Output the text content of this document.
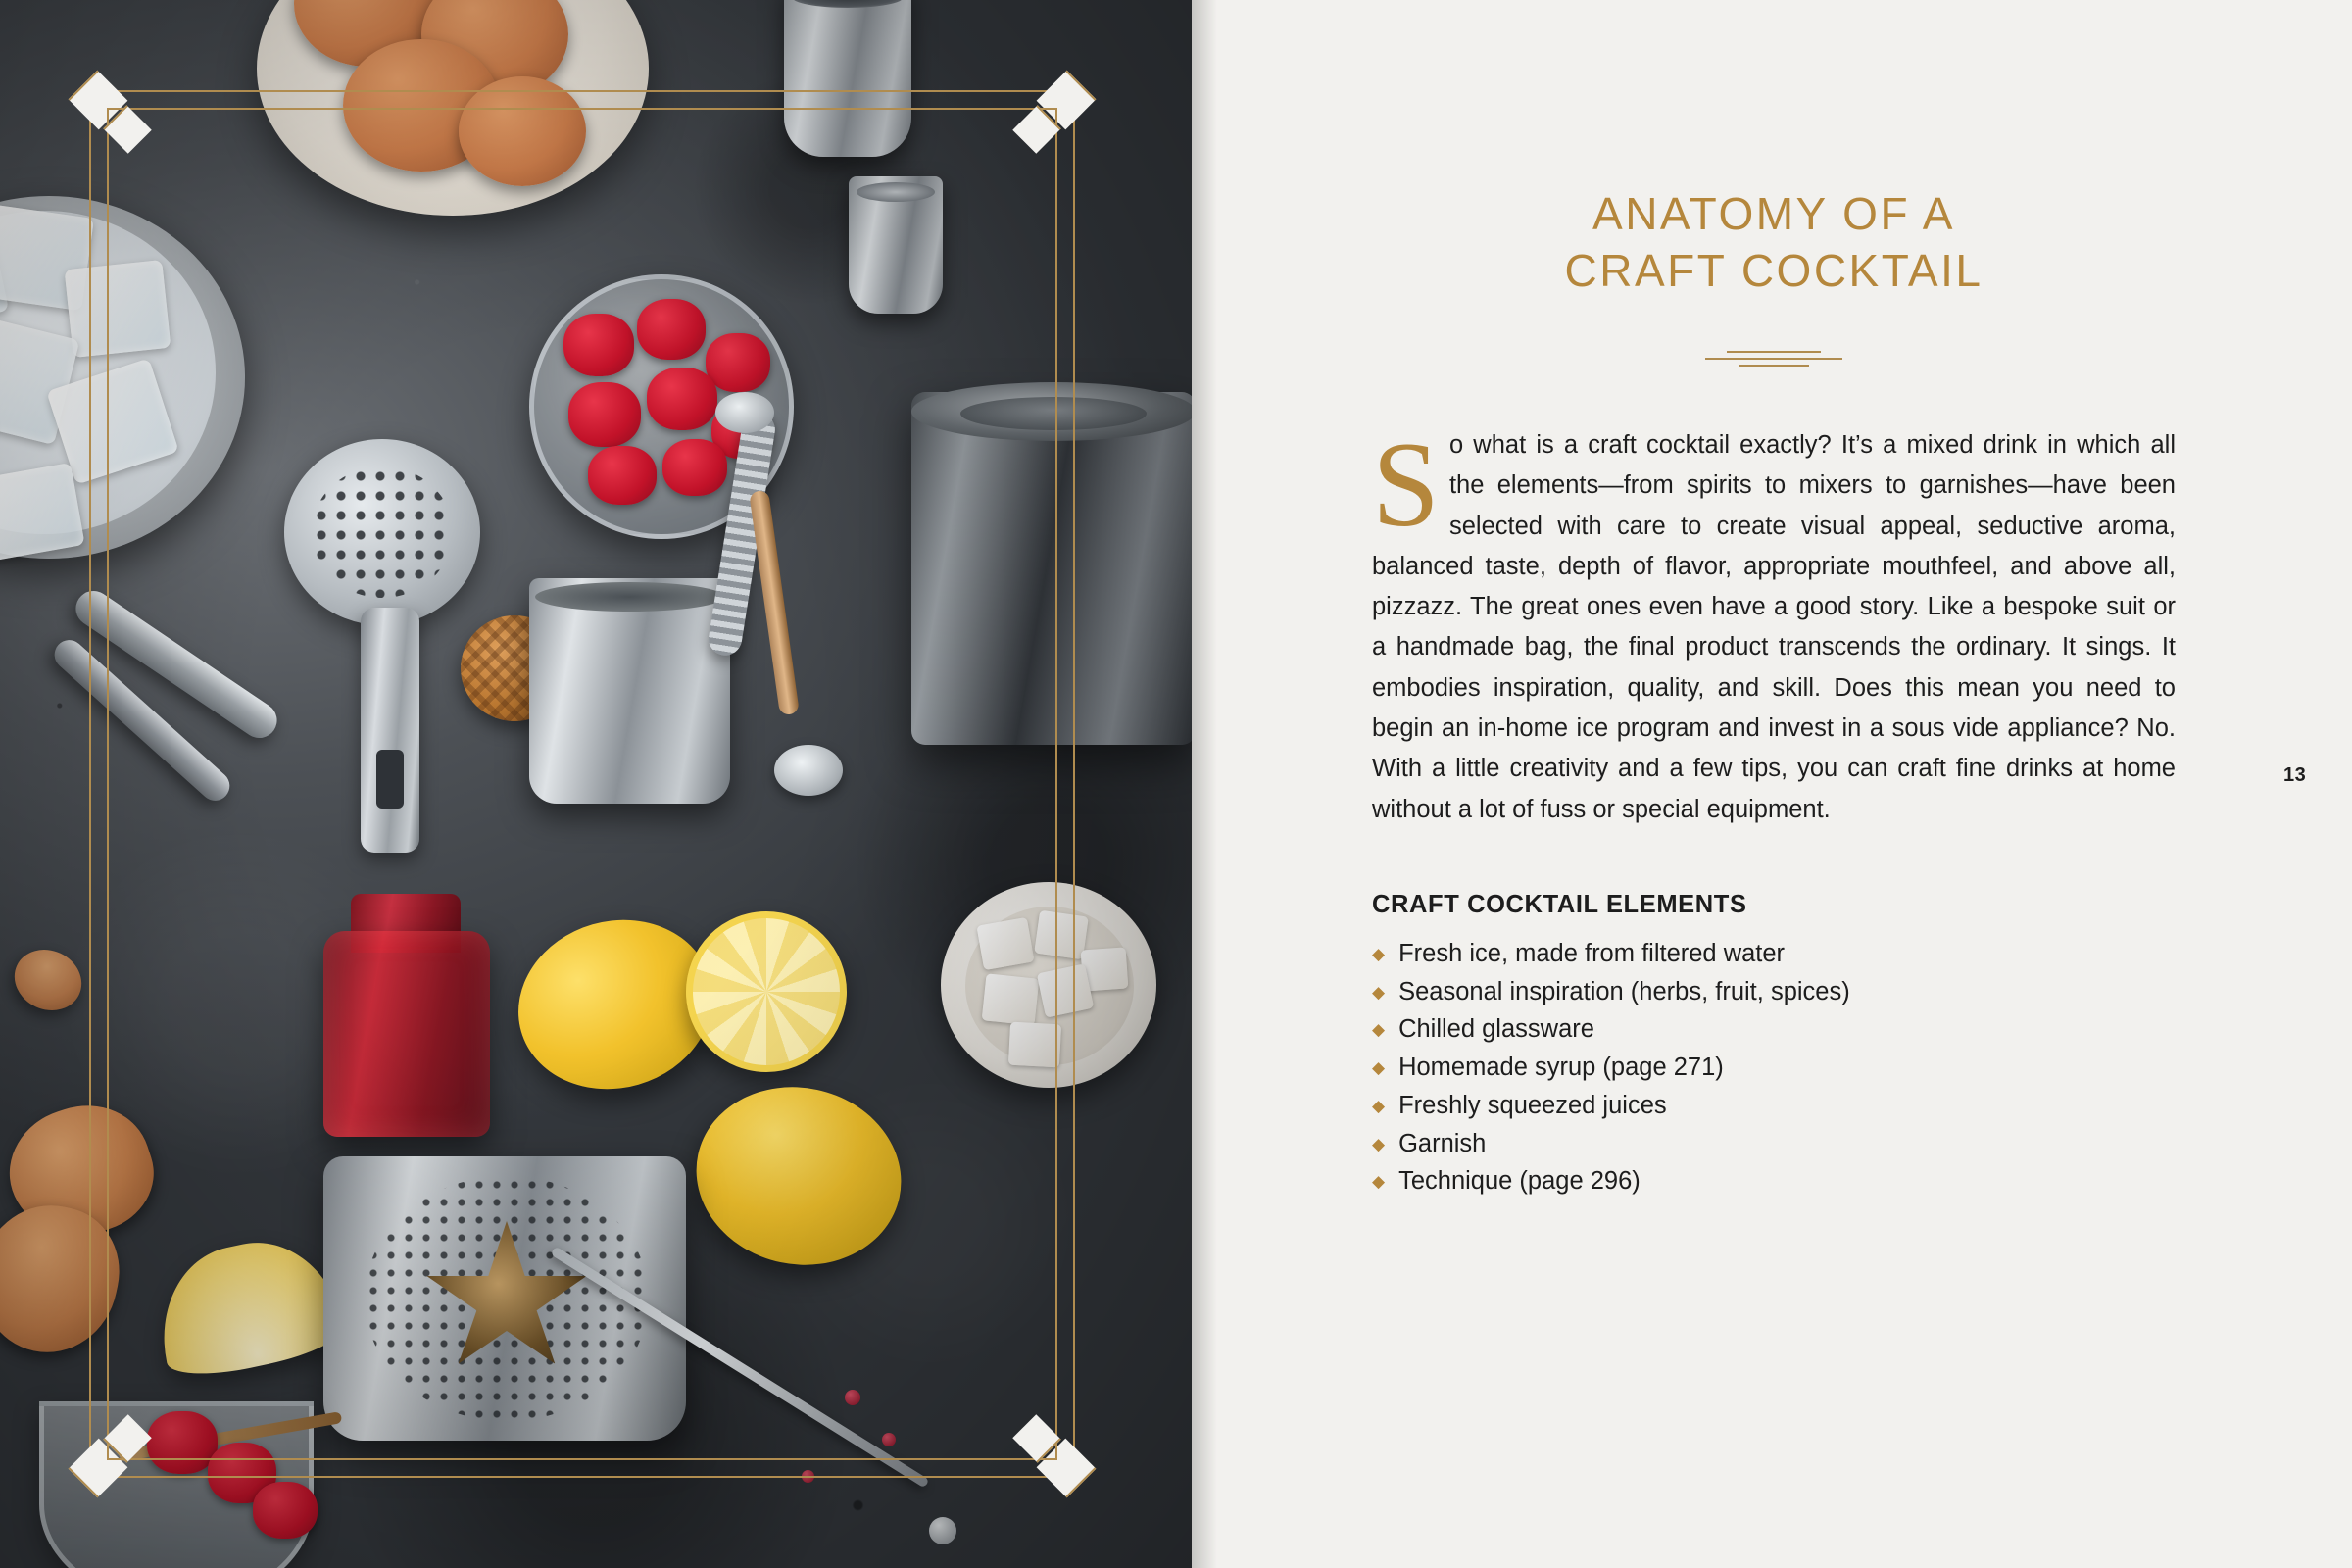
ANATOMY OF A
CRAFT COCKTAIL

So what is a craft cocktail exactly? It’s a mixed drink in which all the elements—from spirits to mixers to garnishes—have been selected with care to create visual appeal, seductive aroma, balanced taste, depth of flavor, appropriate mouthfeel, and above all, pizzazz. The great ones even have a good story. Like a bespoke suit or a handmade bag, the final product transcends the ordinary. It sings. It embodies inspiration, quality, and skill. Does this mean you need to begin an in-home ice program and invest in a sous vide appliance? No. With a little creativity and a few tips, you can craft fine drinks at home without a lot of fuss or special equipment.

CRAFT COCKTAIL ELEMENTS
◆ Fresh ice, made from filtered water
◆ Seasonal inspiration (herbs, fruit, spices)
◆ Chilled glassware
◆ Homemade syrup (page 271)
◆ Freshly squeezed juices
◆ Garnish
◆ Technique (page 296)
13
